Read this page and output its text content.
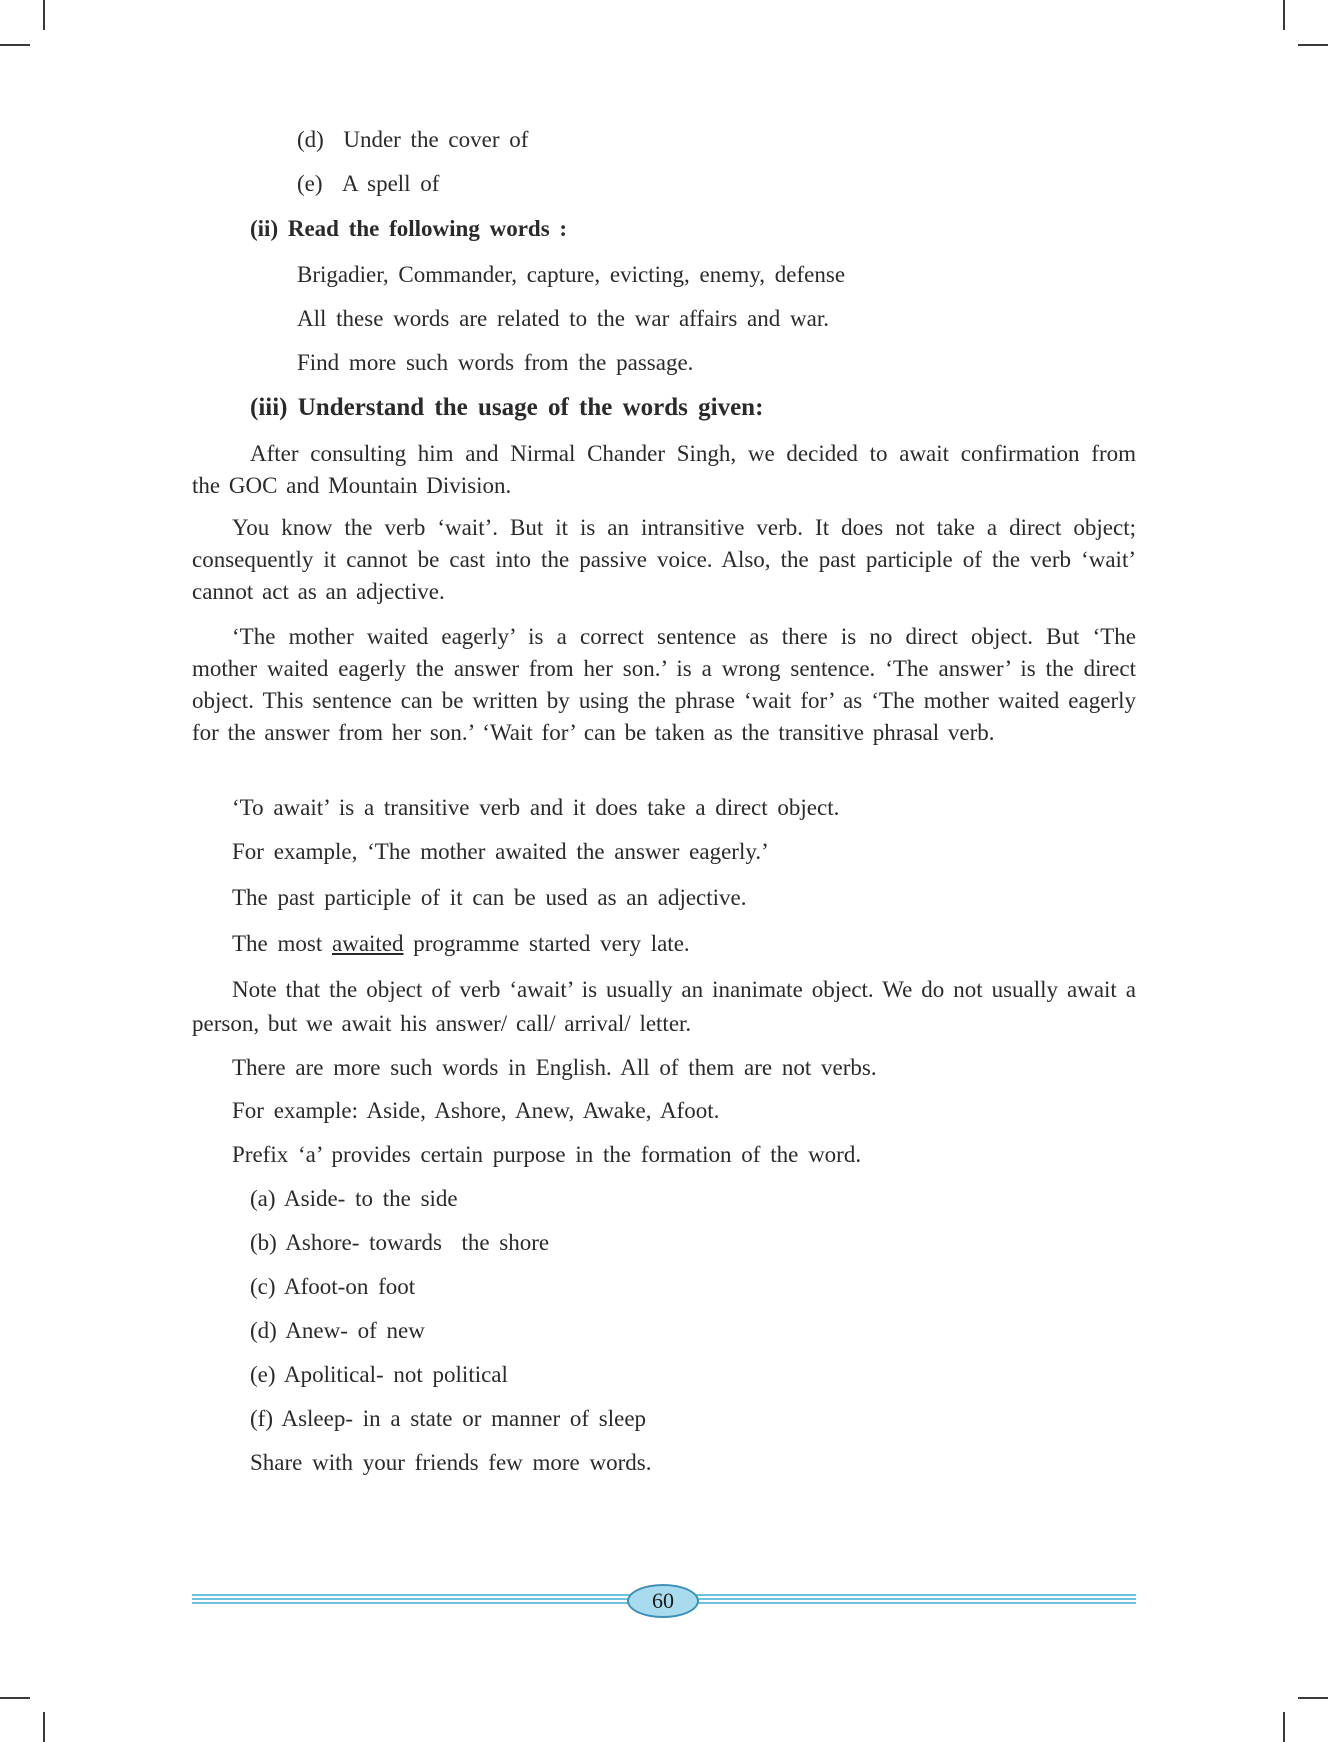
(d) Under the cover of
(e) A spell of
(ii) Read the following words :
Brigadier, Commander, capture, evicting, enemy, defense
All these words are related to the war affairs and war.
Find more such words from the passage.
(iii) Understand the usage of the words given:
After consulting him and Nirmal Chander Singh, we decided to await confirmation from the GOC and Mountain Division.
You know the verb ‘wait’. But it is an intransitive verb. It does not take a direct object; consequently it cannot be cast into the passive voice. Also, the past participle of the verb ‘wait’ cannot act as an adjective.
‘The mother waited eagerly’ is a correct sentence as there is no direct object. But ‘The mother waited eagerly the answer from her son.’ is a wrong sentence. ‘The answer’ is the direct object. This sentence can be written by using the phrase ‘wait for’ as ‘The mother waited eagerly for the answer from her son.’ ‘Wait for’ can be taken as the transitive phrasal verb.
‘To await’ is a transitive verb and it does take a direct object.
For example, ‘The mother awaited the answer eagerly.’
The past participle of it can be used as an adjective.
The most awaited programme started very late.
Note that the object of verb ‘await’ is usually an inanimate object. We do not usually await a person, but we await his answer/ call/ arrival/ letter.
There are more such words in English. All of them are not verbs.
For example: Aside, Ashore, Anew, Awake, Afoot.
Prefix ‘a’ provides certain purpose in the formation of the word.
(a) Aside- to the side
(b) Ashore- towards  the shore
(c) Afoot-on foot
(d) Anew- of new
(e) Apolitical- not political
(f) Asleep- in a state or manner of sleep
Share with your friends few more words.
60
